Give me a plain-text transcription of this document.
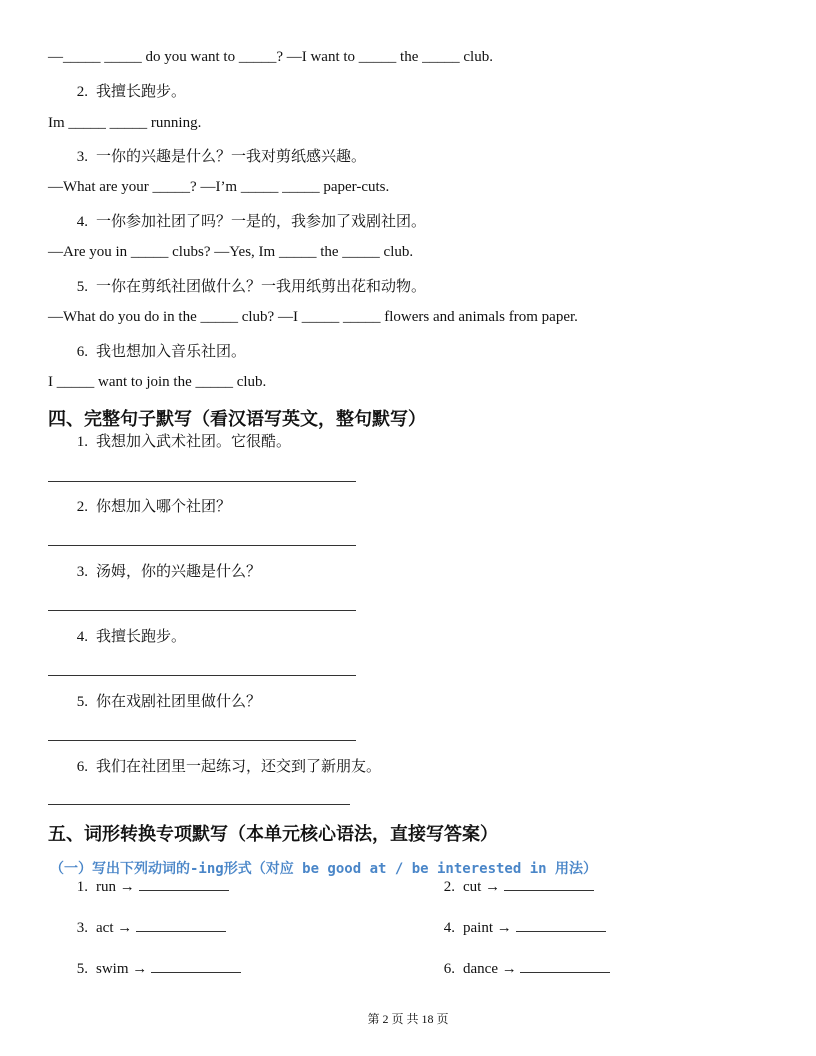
—_____ _____ do you want to _____? —I want to _____ the _____ club.
2. 我擅长跑步。
Im _____ _____ running.
3. 一你的兴趣是什么？一我对剪纸感兴趣。
—What are your _____? —I’m _____ _____ paper-cuts.
4. 一你参加社团了吗？一是的，我参加了戏剧社团。
—Are you in _____ clubs? —Yes, Im _____ the _____ club.
5. 一你在剪纸社团做什么？一我用纸剪出花和动物。
—What do you do in the _____ club? —I _____ _____ flowers and animals from paper.
6. 我也想加入音乐社团。
I _____ want to join the _____ club.
四、完整句子默写（看汉语写英文，整句默写）
1. 我想加入武术社团。它很酷。
2. 你想加入哪个社团？
3. 汤姆，你的兴趣是什么？
4. 我擅长跑步。
5. 你在戏剧社团里做什么？
6. 我们在社团里一起练习，还交到了新朋友。
五、词形转换专项默写（本单元核心语法，直接写答案）
（一）写出下列动词的-ing形式（对应 be good at / be interested in 用法）
1. run →	2. cut →
3. act →	4. paint →
5. swim →	6. dance →
第 2 页 共 18 页
